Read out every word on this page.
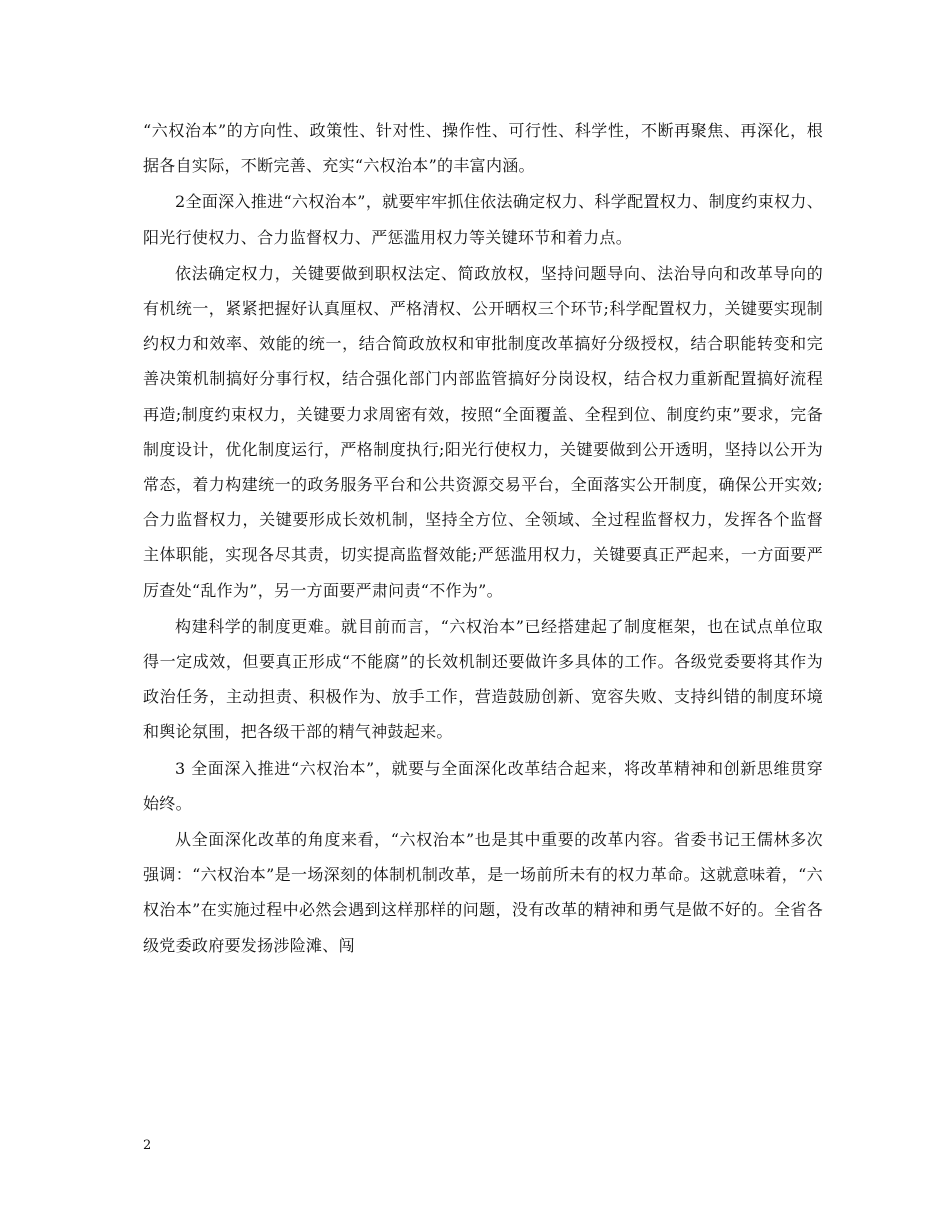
“六权治本”的方向性、政策性、针对性、操作性、可行性、科学性，不断再聚焦、再深化，根据各自实际，不断完善、充实“六权治本”的丰富内涵。

2全面深入推进“六权治本”，就要牢牢抓住依法确定权力、科学配置权力、制度约束权力、阳光行使权力、合力监督权力、严惩滥用权力等关键环节和着力点。

依法确定权力，关键要做到职权法定、简政放权，坚持问题导向、法治导向和改革导向的有机统一，紧紧把握好认真厘权、严格清权、公开晒权三个环节;科学配置权力，关键要实现制约权力和效率、效能的统一，结合简政放权和审批制度改革搞好分级授权，结合职能转变和完善决策机制搞好分事行权，结合强化部门内部监管搞好分岗设权，结合权力重新配置搞好流程再造;制度约束权力，关键要力求周密有效，按照“全面覆盖、全程到位、制度约束”要求，完备制度设计，优化制度运行，严格制度执行;阳光行使权力，关键要做到公开透明，坚持以公开为常态，着力构建统一的政务服务平台和公共资源交易平台，全面落实公开制度，确保公开实效;合力监督权力，关键要形成长效机制，坚持全方位、全领域、全过程监督权力，发挥各个监督主体职能，实现各尽其责，切实提高监督效能;严惩滥用权力，关键要真正严起来，一方面要严厉查处“乱作为”，另一方面要严肃问责“不作为”。

构建科学的制度更难。就目前而言，“六权治本”已经搭建起了制度框架，也在试点单位取得一定成效，但要真正形成“不能腐”的长效机制还要做许多具体的工作。各级党委要将其作为政治任务，主动担责、积极作为、放手工作，营造鼓励创新、宽容失败、支持纠错的制度环境和舆论氛围，把各级干部的精气神鼓起来。

3 全面深入推进“六权治本”，就要与全面深化改革结合起来，将改革精神和创新思维贯穿始终。

从全面深化改革的角度来看，“六权治本”也是其中重要的改革内容。省委书记王儒林多次强调：“六权治本”是一场深刻的体制机制改革，是一场前所未有的权力革命。这就意味着，“六权治本”在实施过程中必然会遇到这样那样的问题，没有改革的精神和勇气是做不好的。全省各级党委政府要发扬涉险滩、闯

2
